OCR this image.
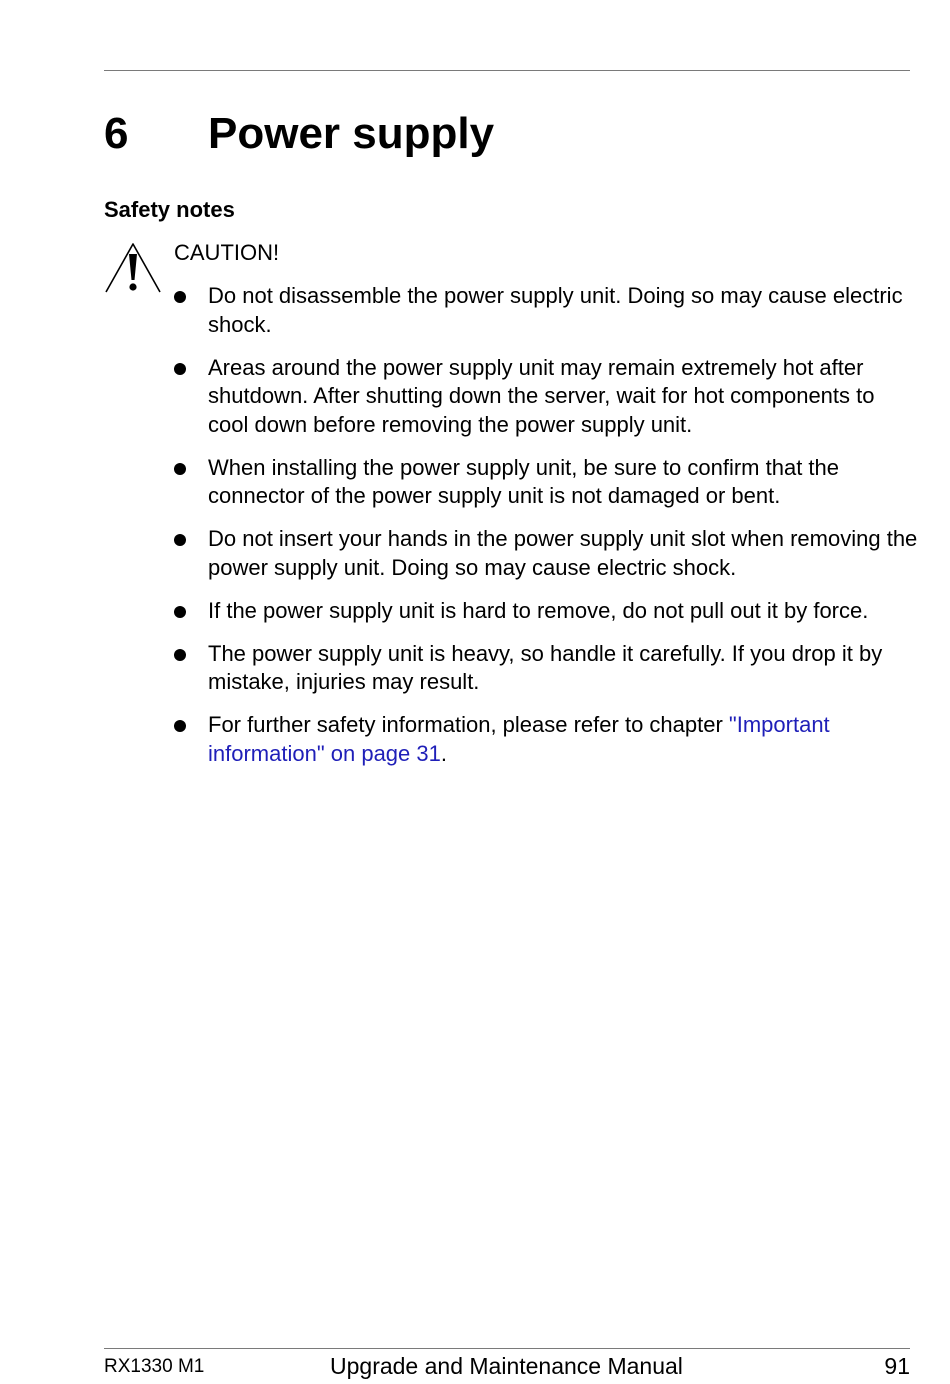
6 Power supply
Safety notes
CAUTION!
Do not disassemble the power supply unit. Doing so may cause electric shock.
Areas around the power supply unit may remain extremely hot after shutdown. After shutting down the server, wait for hot components to cool down before removing the power supply unit.
When installing the power supply unit, be sure to confirm that the connector of the power supply unit is not damaged or bent.
Do not insert your hands in the power supply unit slot when removing the power supply unit. Doing so may cause electric shock.
If the power supply unit is hard to remove, do not pull out it by force.
The power supply unit is heavy, so handle it carefully. If you drop it by mistake, injuries may result.
For further safety information, please refer to chapter "Important information" on page 31.
RX1330 M1	Upgrade and Maintenance Manual	91
